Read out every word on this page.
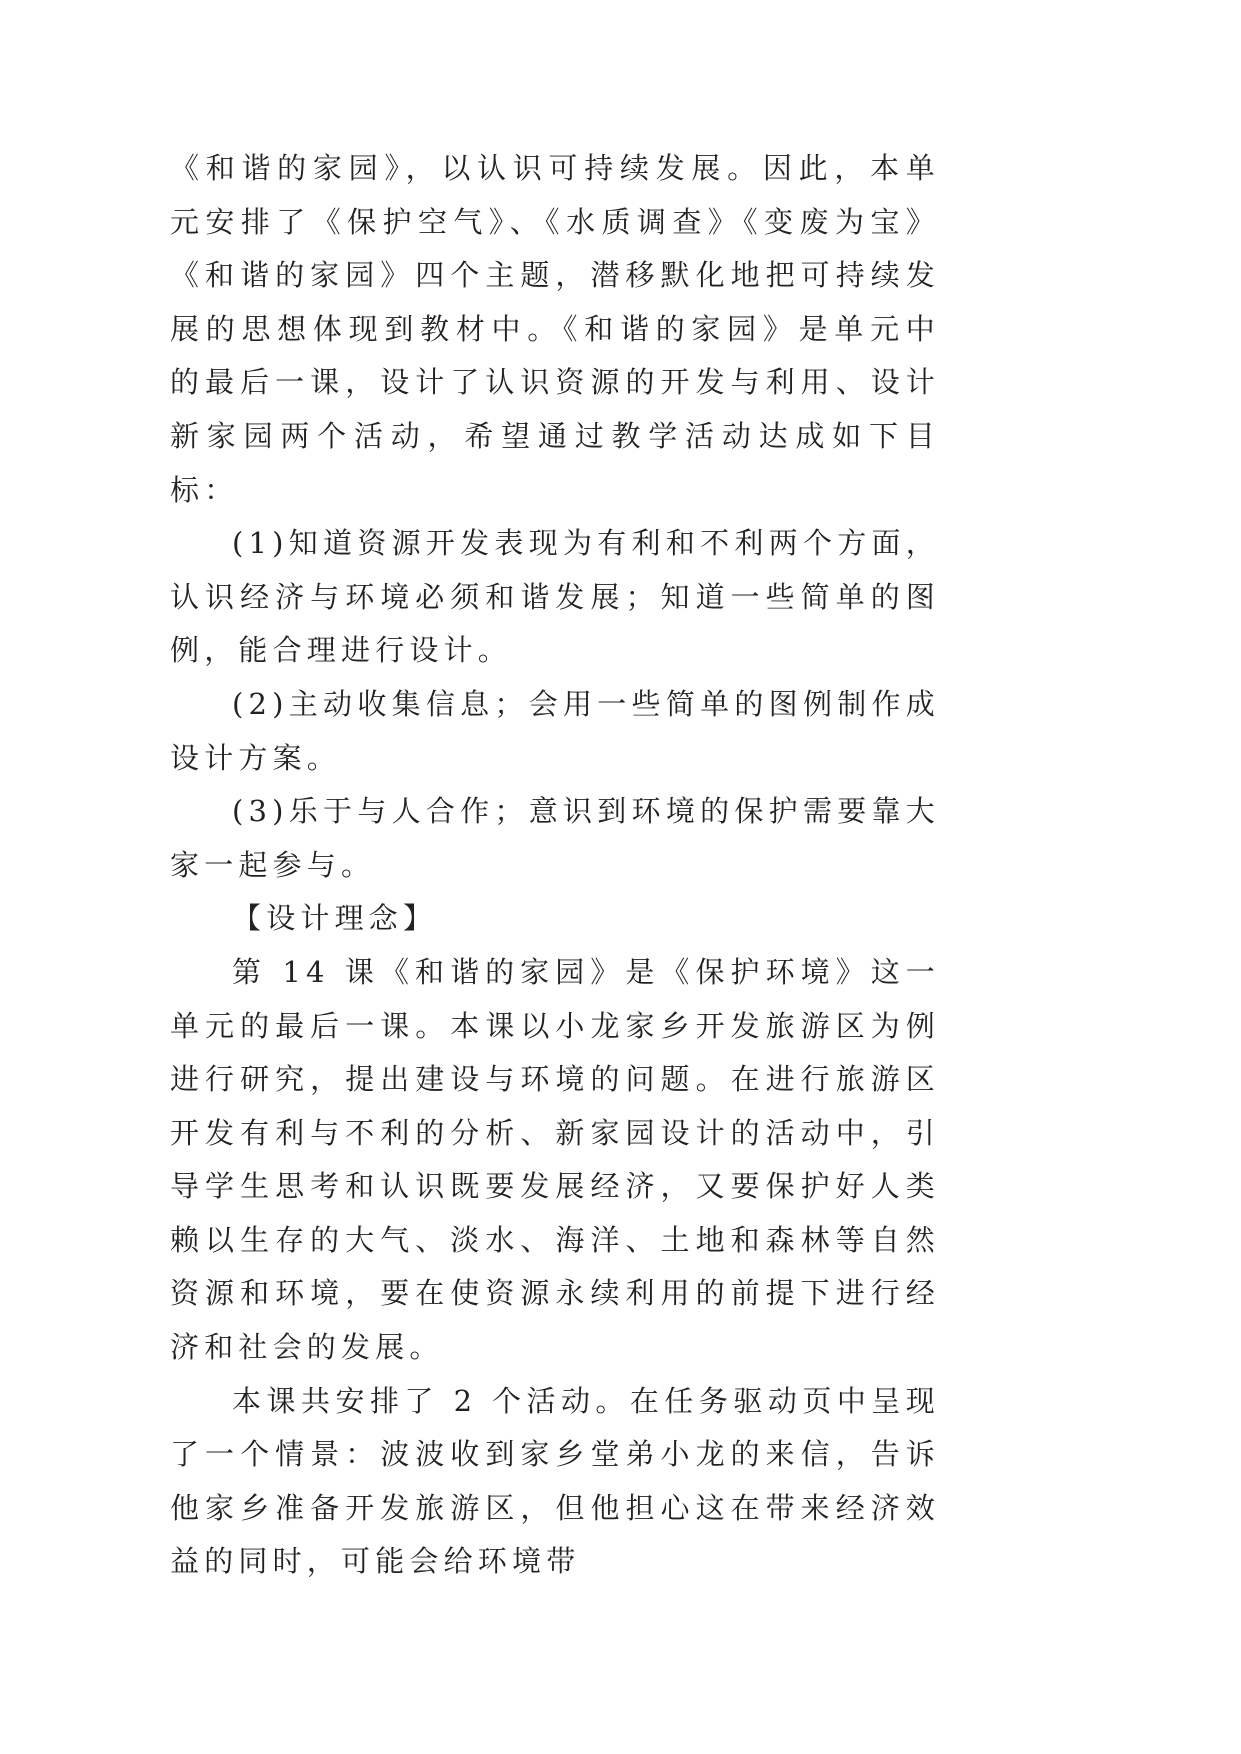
《和谐的家园》，以认识可持续发展。因此，本单元安排了《保护空气》、《水质调查》《变废为宝》《和谐的家园》四个主题，潜移默化地把可持续发展的思想体现到教材中。《和谐的家园》是单元中的最后一课，设计了认识资源的开发与利用、设计新家园两个活动，希望通过教学活动达成如下目标：

(1)知道资源开发表现为有利和不利两个方面，认识经济与环境必须和谐发展；知道一些简单的图例，能合理进行设计。

(2)主动收集信息；会用一些简单的图例制作成设计方案。

(3)乐于与人合作；意识到环境的保护需要靠大家一起参与。

【设计理念】

第 14 课《和谐的家园》是《保护环境》这一单元的最后一课。本课以小龙家乡开发旅游区为例进行研究，提出建设与环境的问题。在进行旅游区开发有利与不利的分析、新家园设计的活动中，引导学生思考和认识既要发展经济，又要保护好人类赖以生存的大气、淡水、海洋、土地和森林等自然资源和环境，要在使资源永续利用的前提下进行经济和社会的发展。

本课共安排了 2 个活动。在任务驱动页中呈现了一个情景：波波收到家乡堂弟小龙的来信，告诉他家乡准备开发旅游区，但他担心这在带来经济效益的同时，可能会给环境带
